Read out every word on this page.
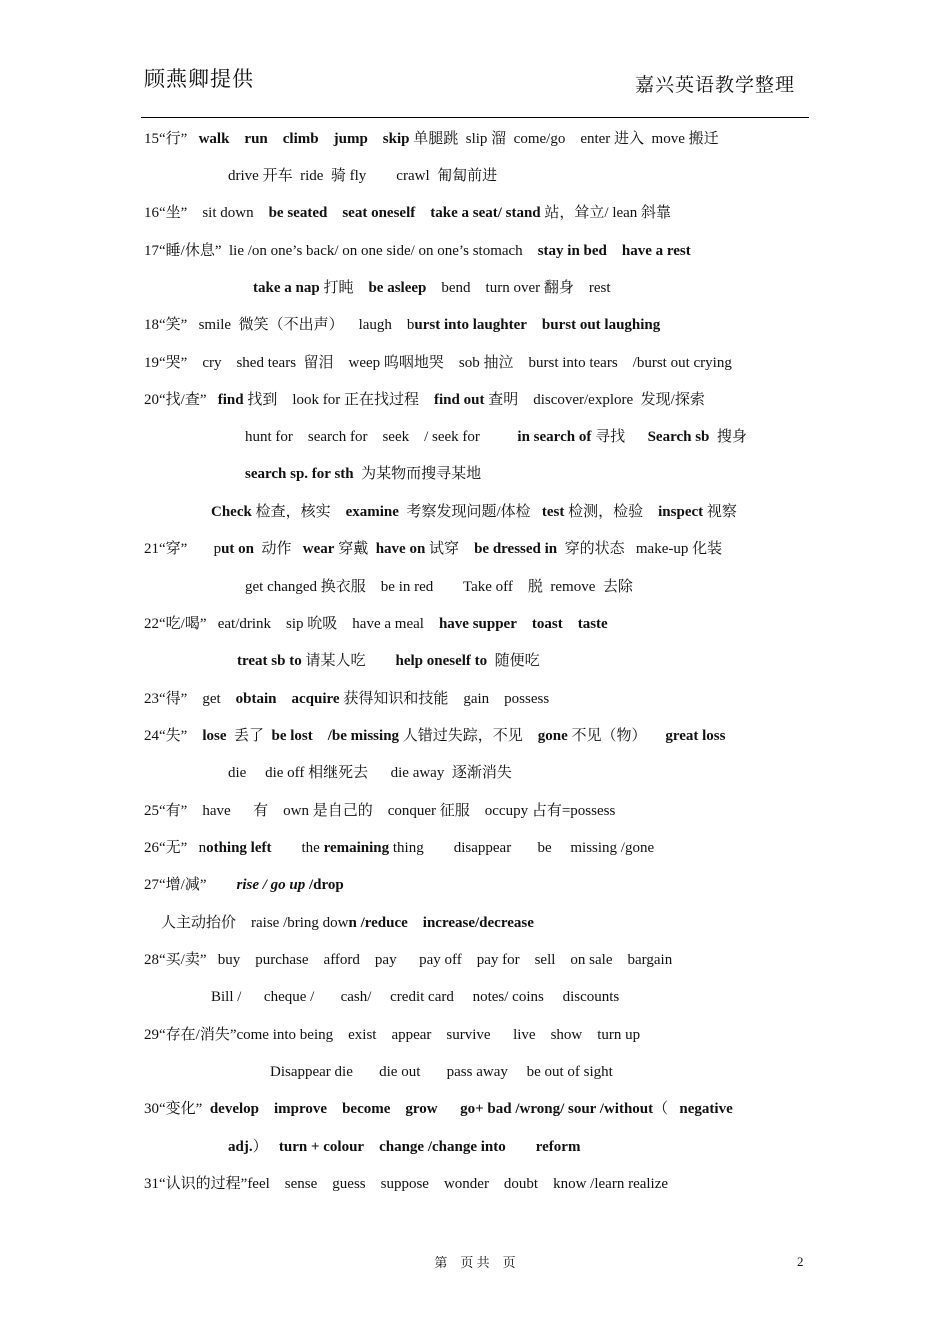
顾燕卿提供	嘉兴英语教学整理
15“行”   walk run climb jump skip 单腿跳  slip 溜  come/go    enter 进入  move 搬迁
drive 开车  ride  骑 fly        crawl  匍匐前进
16“坐”    sit down    be seated seat oneself take a seat/ stand 站，耸立/ lean 斜靠
17“睡/休息”  lie /on one’s back/ on one side/ on one’s stomach    stay in bed have a rest
take a nap 打盹    be asleep    bend    turn over 翻身    rest
18“笑”   smile  微笑（不出声）    laugh    burst into laughter burst out laughing
19“哭”    cry    shed tears  留泪    weep 呜咽地哭    sob 抽泣    burst into tears    /burst out crying
20“找/查”   find 找到    look for 正在找过程    find out 查明    discover/explore  发现/探索
hunt for    search for    seek    / seek for          in search of 寻找      Search sb  搜身
search sp. for sth  为某物而搜寻某地
Check 检查，核实    examine  考察发现问题/体检   test 检测，检验    inspect 视察
21“穿”       put on  动作   wear 穿戴  have on 试穿    be dressed in  穿的状态   make-up 化装
get changed 换衣服    be in red        Take off    脱  remove  去除
22“吃/喝”   eat/drink    sip 吮吸    have a meal    have supper toast taste
treat sb to 请某人吃        help oneself to  随便吃
23“得”    get    obtain acquire 获得知识和技能    gain    possess
24“失”    lose  丢了  be lost /be missing 人错过失踪，不见    gone 不见（物）     great loss
die     die off 相继死去      die away  逐渐消失
25“有”    have      有    own 是自己的    conquer 征服    occupy 占有=possess
26“无”   nothing left        the remaining thing        disappear       be     missing /gone
27“增/减”        rise / go up /drop
人主动抬价    raise /bring down /reduce increase/decrease
28“买/卖”   buy    purchase    afford    pay      pay off    pay for    sell    on sale    bargain
Bill /      cheque /       cash/     credit card     notes/ coins     discounts
29“存在/消失”come into being    exist    appear    survive      live    show    turn up
Disappear die       die out       pass away     be out of sight
30“变化”  develop improve become grow go+ bad /wrong/ sour /without（   negative
adj.）   turn + colour change /change into reform
31“认识的过程”feel    sense    guess    suppose    wonder    doubt    know /learn realize
第    页 共    页	2
